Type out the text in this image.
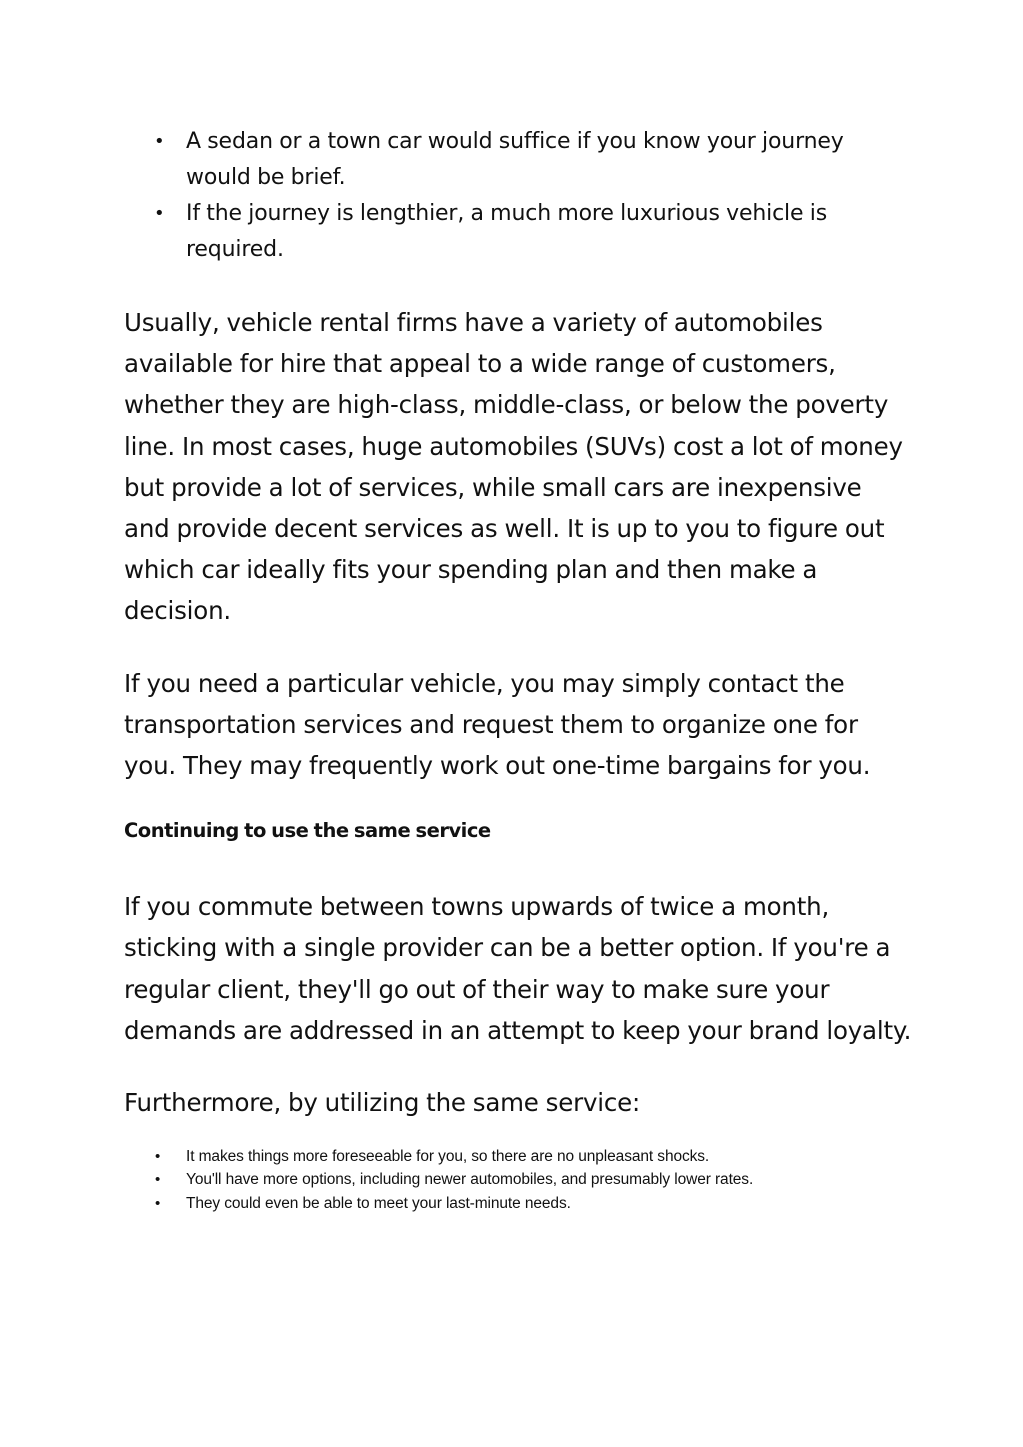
• A sedan or a town car would suffice if you know your journey would be brief.
• If the journey is lengthier, a much more luxurious vehicle is required.

Usually, vehicle rental firms have a variety of automobiles available for hire that appeal to a wide range of customers, whether they are high-class, middle-class, or below the poverty line. In most cases, huge automobiles (SUVs) cost a lot of money but provide a lot of services, while small cars are inexpensive and provide decent services as well. It is up to you to figure out which car ideally fits your spending plan and then make a decision.

If you need a particular vehicle, you may simply contact the transportation services and request them to organize one for you. They may frequently work out one-time bargains for you.

Continuing to use the same service

If you commute between towns upwards of twice a month, sticking with a single provider can be a better option. If you're a regular client, they'll go out of their way to make sure your demands are addressed in an attempt to keep your brand loyalty.

Furthermore, by utilizing the same service:

• It makes things more foreseeable for you, so there are no unpleasant shocks.
• You'll have more options, including newer automobiles, and presumably lower rates.
• They could even be able to meet your last-minute needs.
